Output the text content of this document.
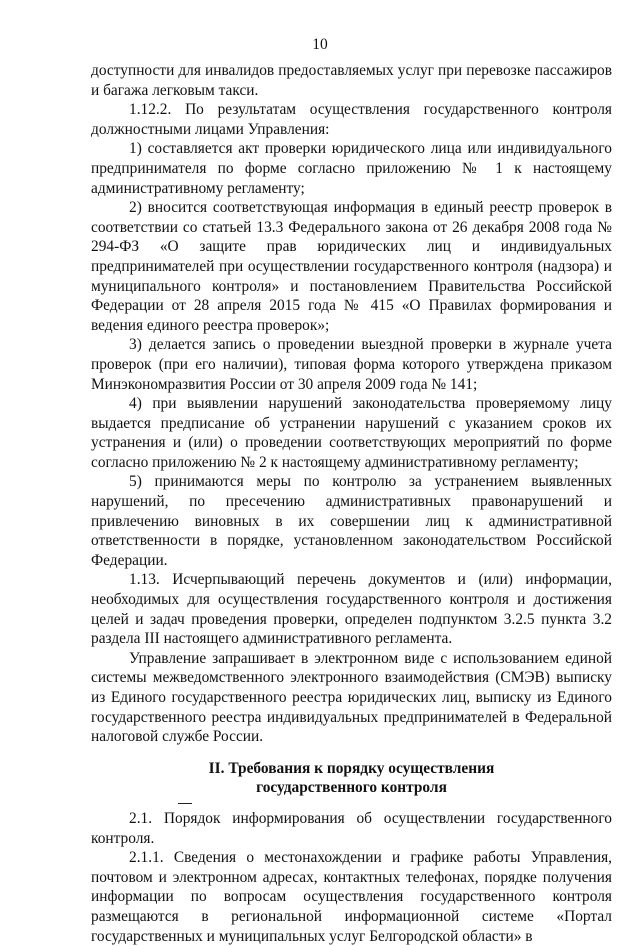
10

доступности для инвалидов предоставляемых услуг при перевозке пассажиров и багажа легковым такси.

1.12.2. По результатам осуществления государственного контроля должностными лицами Управления:

1) составляется акт проверки юридического лица или индивидуального предпринимателя по форме согласно приложению № 1 к настоящему административному регламенту;

2) вносится соответствующая информация в единый реестр проверок в соответствии со статьей 13.3 Федерального закона от 26 декабря 2008 года № 294-ФЗ «О защите прав юридических лиц и индивидуальных предпринимателей при осуществлении государственного контроля (надзора) и муниципального контроля» и постановлением Правительства Российской Федерации от 28 апреля 2015 года № 415 «О Правилах формирования и ведения единого реестра проверок»;

3) делается запись о проведении выездной проверки в журнале учета проверок (при его наличии), типовая форма которого утверждена приказом Минэкономразвития России от 30 апреля 2009 года № 141;

4) при выявлении нарушений законодательства проверяемому лицу выдается предписание об устранении нарушений с указанием сроков их устранения и (или) о проведении соответствующих мероприятий по форме согласно приложению № 2 к настоящему административному регламенту;

5) принимаются меры по контролю за устранением выявленных нарушений, по пресечению административных правонарушений и привлечению виновных в их совершении лиц к административной ответственности в порядке, установленном законодательством Российской Федерации.

1.13. Исчерпывающий перечень документов и (или) информации, необходимых для осуществления государственного контроля и достижения целей и задач проведения проверки, определен подпунктом 3.2.5 пункта 3.2 раздела III настоящего административного регламента.

Управление запрашивает в электронном виде с использованием единой системы межведомственного электронного взаимодействия (СМЭВ) выписку из Единого государственного реестра юридических лиц, выписку из Единого государственного реестра индивидуальных предпринимателей в Федеральной налоговой службе России.

II. Требования к порядку осуществления
государственного контроля

2.1. Порядок информирования об осуществлении государственного контроля.

2.1.1. Сведения о местонахождении и графике работы Управления, почтовом и электронном адресах, контактных телефонах, порядке получения информации по вопросам осуществления государственного контроля размещаются в региональной информационной системе «Портал государственных и муниципальных услуг Белгородской области» в
